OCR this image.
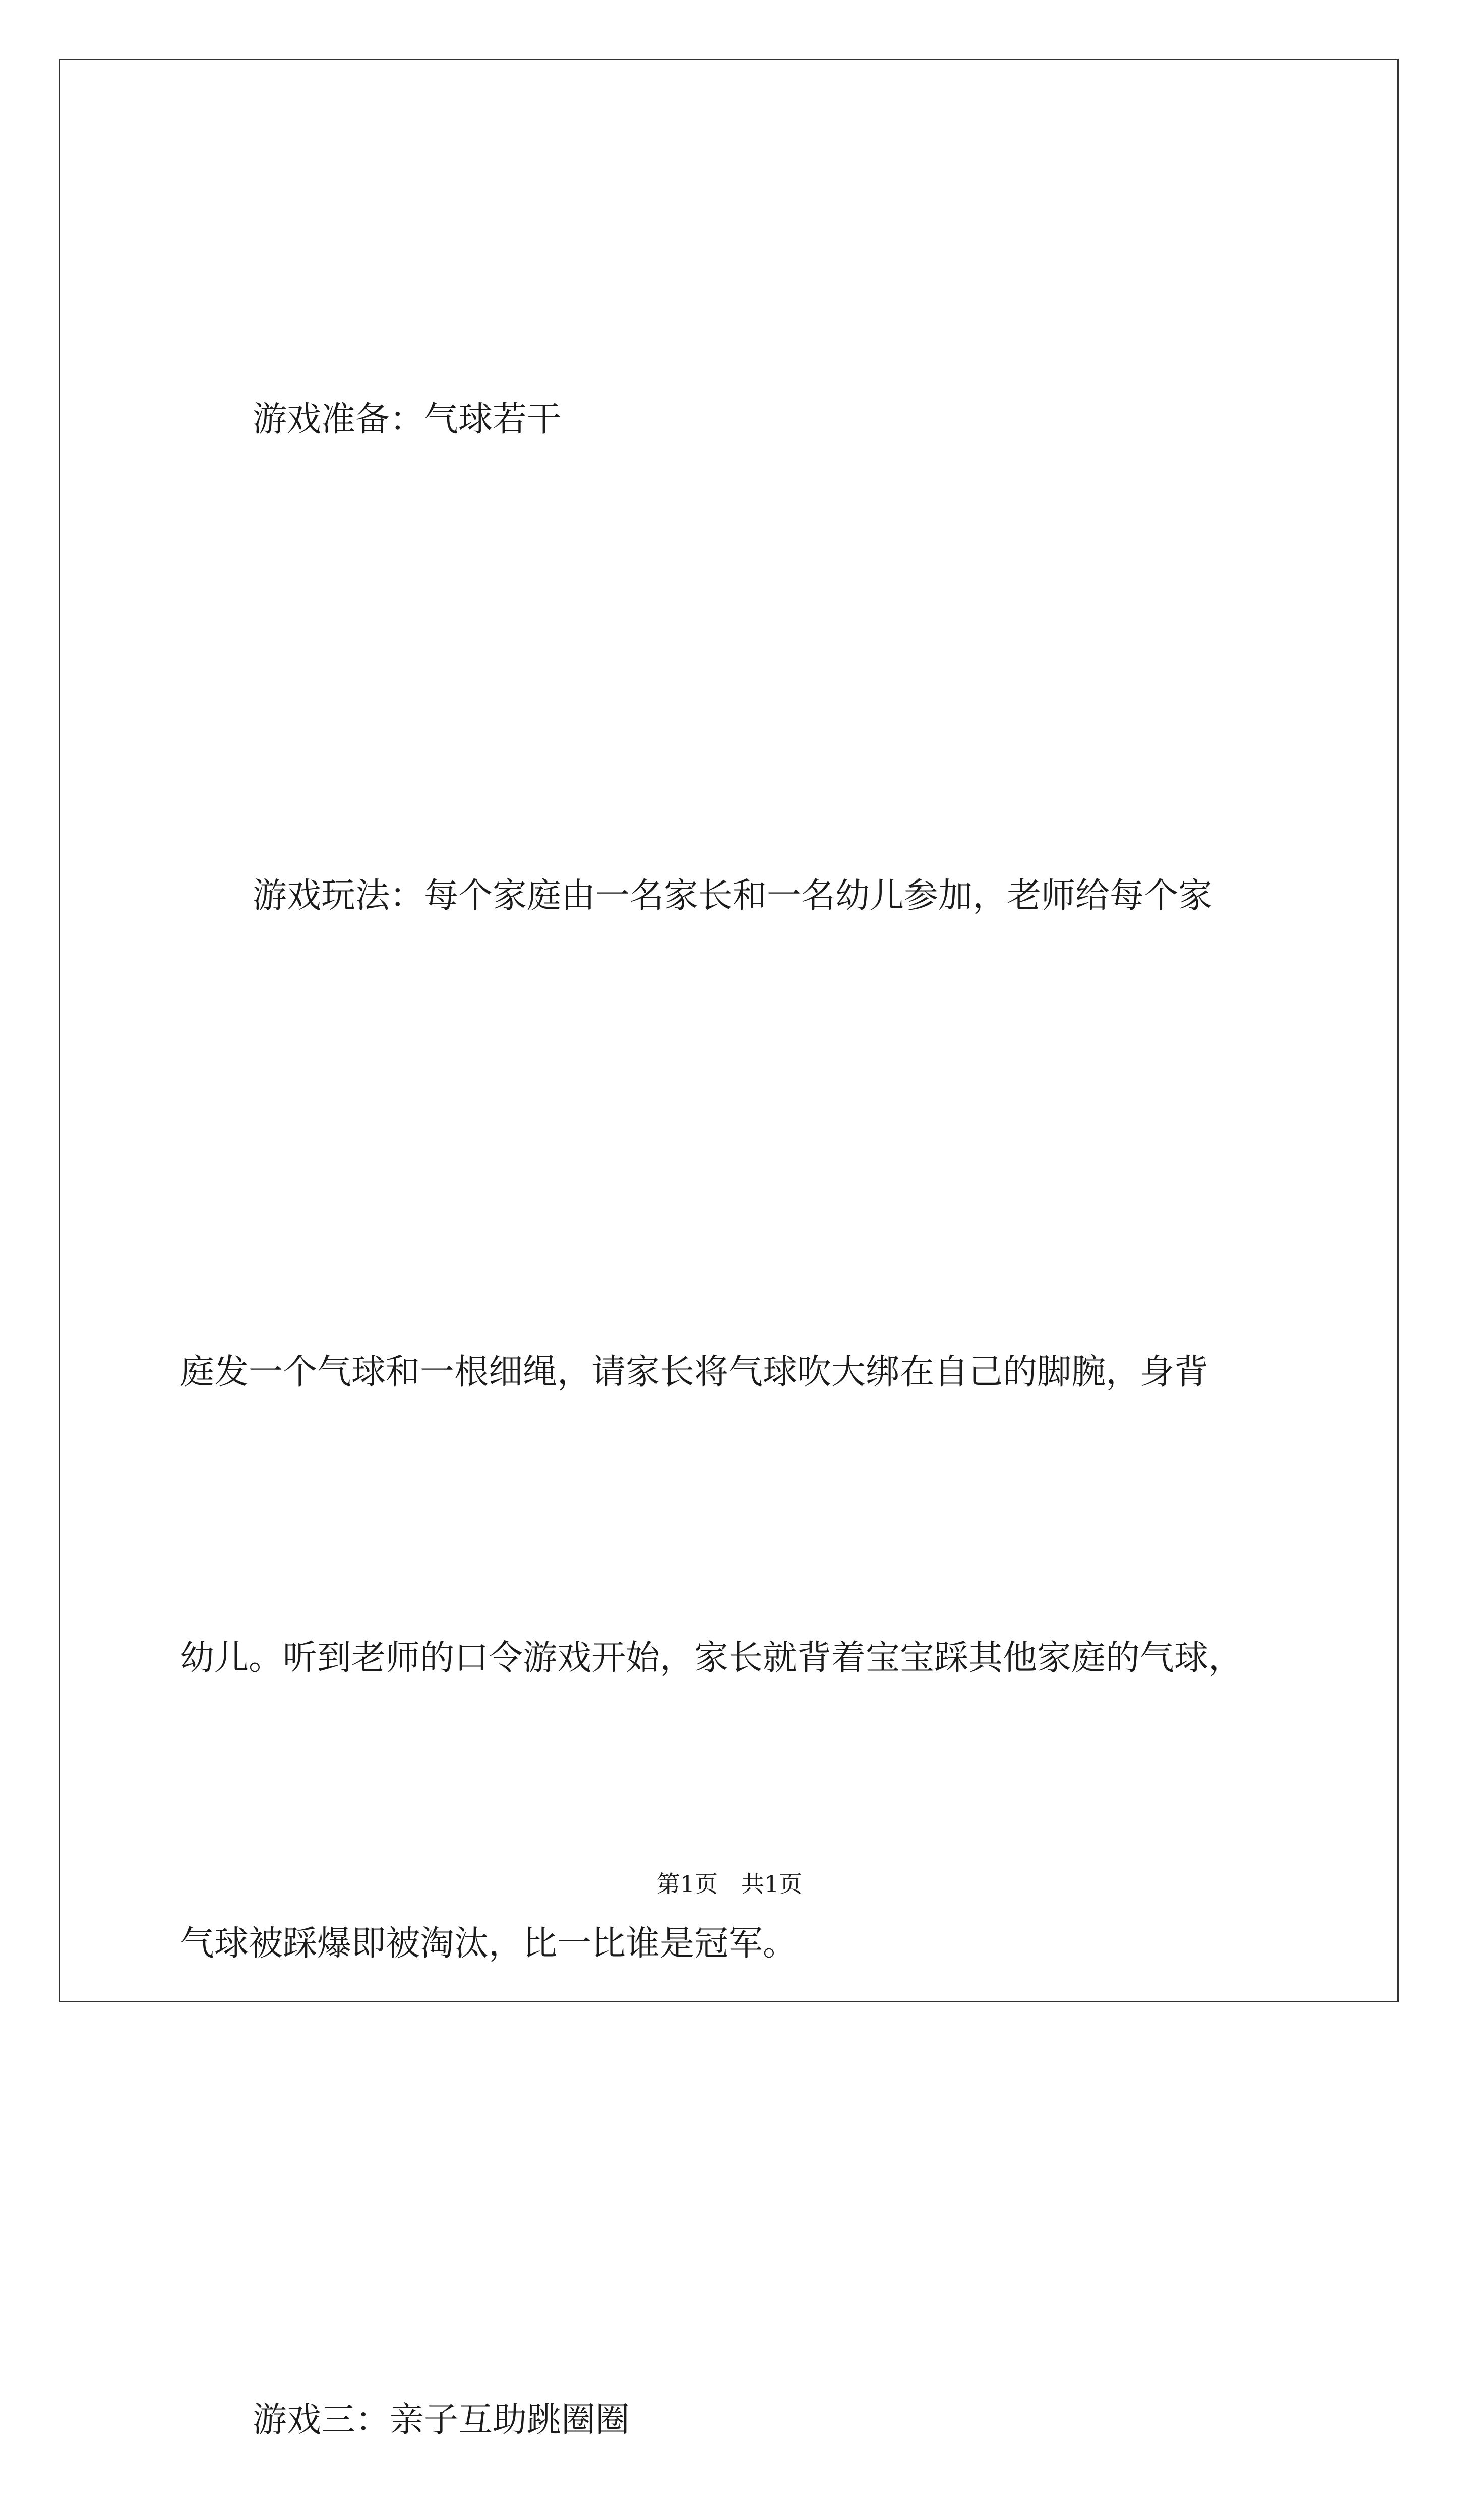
游戏准备：气球若干

游戏玩法：每个家庭由一名家长和一名幼儿参加，老师给每个家

庭发一个气球和一根细绳，请家长将气球吹大绑在自己的脚腕，身背

幼儿。听到老师的口令游戏开始，家长就背着宝宝踩其他家庭的气球，

气球被踩爆即被淘汰，比一比谁是冠军。

游戏三：亲子互助跳圈圈

第1页　共1页
